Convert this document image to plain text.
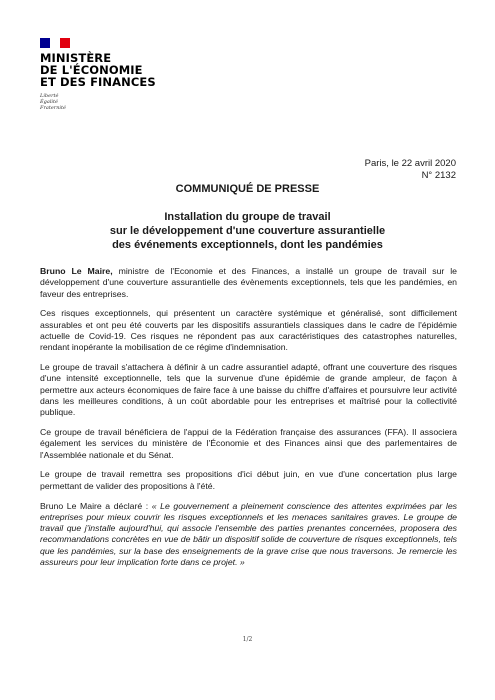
MINISTÈRE
DE L'ÉCONOMIE
ET DES FINANCES
Liberté
Égalité
Fraternité
Paris, le 22 avril 2020
N° 2132
COMMUNIQUÉ DE PRESSE
Installation du groupe de travail
sur le développement d'une couverture assurantielle
des événements exceptionnels, dont les pandémies

Bruno Le Maire, ministre de l'Economie et des Finances, a installé un groupe de travail sur le développement d'une couverture assurantielle des évènements exceptionnels, tels que les pandémies, en faveur des entreprises.

Ces risques exceptionnels, qui présentent un caractère systémique et généralisé, sont difficilement assurables et ont peu été couverts par les dispositifs assurantiels classiques dans le cadre de l'épidémie actuelle de Covid-19. Ces risques ne répondent pas aux caractéristiques des catastrophes naturelles, rendant inopérante la mobilisation de ce régime d'indemnisation.

Le groupe de travail s'attachera à définir à un cadre assurantiel adapté, offrant une couverture des risques d'une intensité exceptionnelle, tels que la survenue d'une épidémie de grande ampleur, de façon à permettre aux acteurs économiques de faire face à une baisse du chiffre d'affaires et poursuivre leur activité dans les meilleures conditions, à un coût abordable pour les entreprises et maîtrisé pour la collectivité publique.

Ce groupe de travail bénéficiera de l'appui de la Fédération française des assurances (FFA). Il associera également les services du ministère de l'Économie et des Finances ainsi que des parlementaires de l'Assemblée nationale et du Sénat.

Le groupe de travail remettra ses propositions d'ici début juin, en vue d'une concertation plus large permettant de valider des propositions à l'été.

Bruno Le Maire a déclaré : « Le gouvernement a pleinement conscience des attentes exprimées par les entreprises pour mieux couvrir les risques exceptionnels et les menaces sanitaires graves. Le groupe de travail que j'installe aujourd'hui, qui associe l'ensemble des parties prenantes concernées, proposera des recommandations concrètes en vue de bâtir un dispositif solide de couverture de risques exceptionnels, tels que les pandémies, sur la base des enseignements de la grave crise que nous traversons. Je remercie les assureurs pour leur implication forte dans ce projet. »

1/2
